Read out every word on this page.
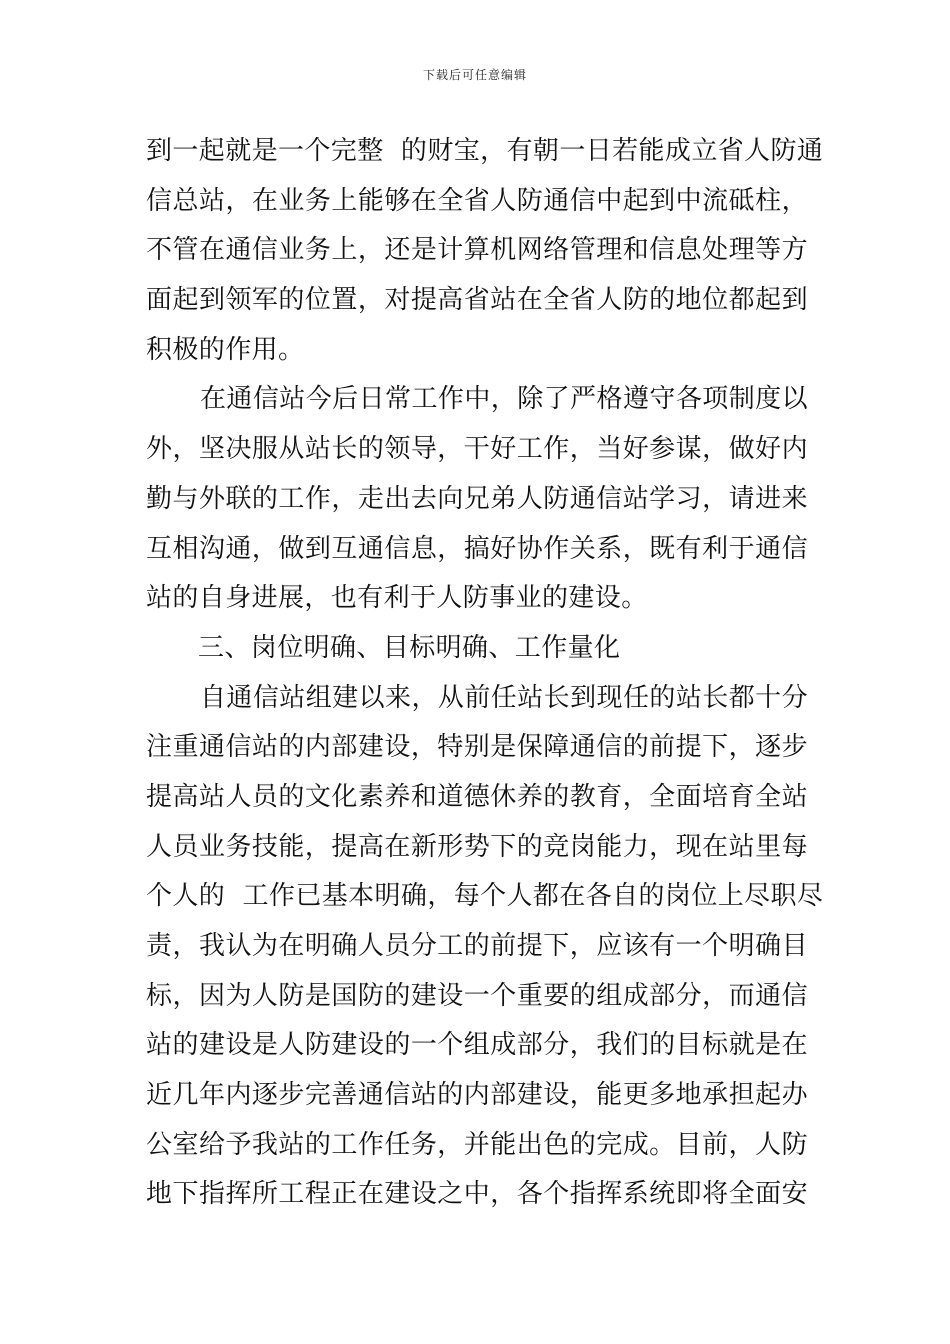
下载后可任意编辑
到一起就是一个完整  的财宝，有朝一日若能成立省人防通
信总站，在业务上能够在全省人防通信中起到中流砥柱，
不管在通信业务上，还是计算机网络管理和信息处理等方
面起到领军的位置，对提高省站在全省人防的地位都起到
积极的作用。
在通信站今后日常工作中，除了严格遵守各项制度以
外，坚决服从站长的领导，干好工作，当好参谋，做好内
勤与外联的工作，走出去向兄弟人防通信站学习，请进来
互相沟通，做到互通信息，搞好协作关系，既有利于通信
站的自身进展，也有利于人防事业的建设。
三、岗位明确、目标明确、工作量化
自通信站组建以来，从前任站长到现任的站长都十分
注重通信站的内部建设，特别是保障通信的前提下，逐步
提高站人员的文化素养和道德休养的教育，全面培育全站
人员业务技能，提高在新形势下的竞岗能力，现在站里每
个人的  工作已基本明确，每个人都在各自的岗位上尽职尽
责，我认为在明确人员分工的前提下，应该有一个明确目
标，因为人防是国防的建设一个重要的组成部分，而通信
站的建设是人防建设的一个组成部分，我们的目标就是在
近几年内逐步完善通信站的内部建设，能更多地承担起办
公室给予我站的工作任务，并能出色的完成。目前，人防
地下指挥所工程正在建设之中，各个指挥系统即将全面安
